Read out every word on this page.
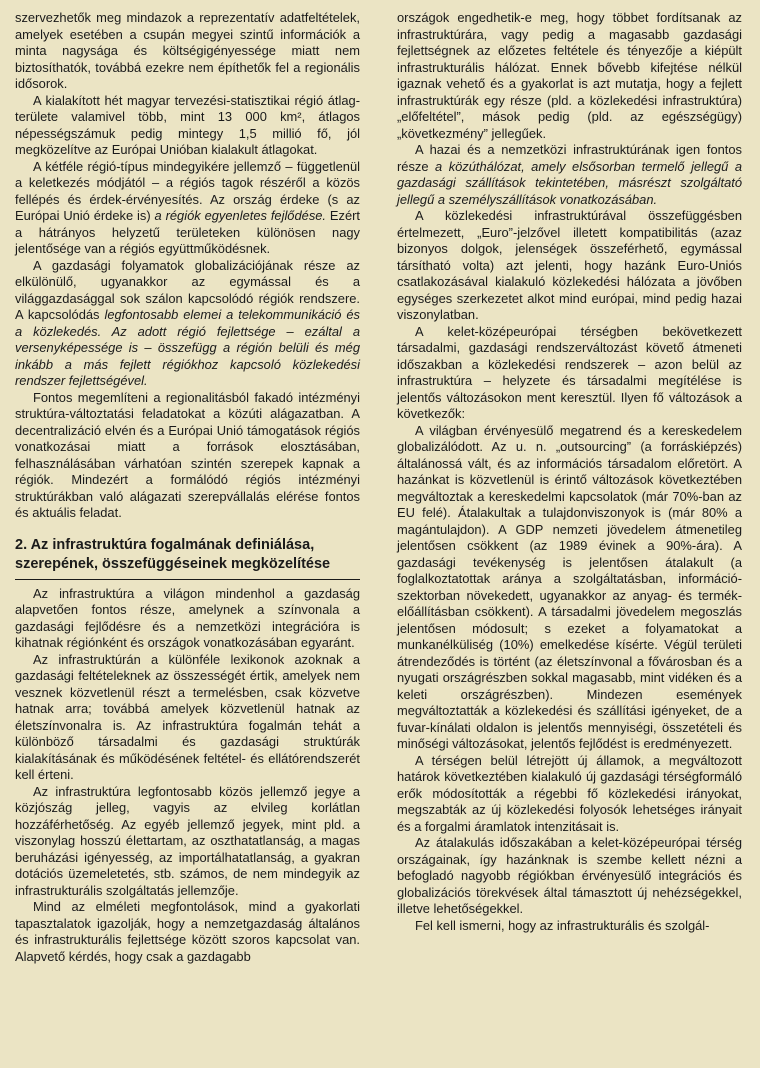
szervezhetők meg mindazok a reprezentatív adatfeltételek, amelyek esetében a csupán megyei szintű információk a minta nagysága és költségigényessége miatt nem biztosíthatók, továbbá ezekre nem építhetők fel a regionális idősorok.

A kialakított hét magyar tervezési-statisztikai régió átlag-területe valamivel több, mint 13 000 km², átlagos népességszámuk pedig mintegy 1,5 millió fő, jól megközelítve az Európai Unióban kialakult átlagokat.

A kétféle régió-típus mindegyikére jellemző – függetlenül a keletkezés módjától – a régiós tagok részéről a közös fellépés és érdek-érvényesítés. Az ország érdeke (s az Európai Unió érdeke is) a régiók egyenletes fejlődése. Ezért a hátrányos helyzetű területeken különösen nagy jelentősége van a régiós együttműködésnek.

A gazdasági folyamatok globalizációjának része az elkülönülő, ugyanakkor az egymással és a világgazdasággal sok szálon kapcsolódó régiók rendszere. A kapcsolódás legfontosabb elemei a telekommunikáció és a közlekedés. Az adott régió fejlettsége – ezáltal a versenyképessége is – összefügg a régión belüli és még inkább a más fejlett régiókhoz kapcsoló közlekedési rendszer fejlettségével.

Fontos megemlíteni a regionalitásból fakadó intézményi struktúra-változtatási feladatokat a közúti alágazatban. A decentralizáció elvén és a Európai Unió támogatások régiós vonatkozásai miatt a források elosztásában, felhasználásában várhatóan szintén szerepek kapnak a régiók. Mindezért a formálódó régiós intézményi struktúrákban való alágazati szerepvállalás elérése fontos és aktuális feladat.

2. Az infrastruktúra fogalmának definiálása, szerepének, összefüggéseinek megközelítése

Az infrastruktúra a világon mindenhol a gazdaság alapvetően fontos része, amelynek a színvonala a gazdasági fejlődésre és a nemzetközi integrációra is kihatnak régiónként és országok vonatkozásában egyaránt.

Az infrastruktúrán a különféle lexikonok azoknak a gazdasági feltételeknek az összességét értik, amelyek nem vesznek közvetlenül részt a termelésben, csak közvetve hatnak arra; továbbá amelyek közvetlenül hatnak az életszínvonalra is. Az infrastruktúra fogalmán tehát a különböző társadalmi és gazdasági struktúrák kialakításának és működésének feltétel- és ellátórendszerét kell érteni.

Az infrastruktúra legfontosabb közös jellemző jegye a közjószág jelleg, vagyis az elvileg korlátlan hozzáférhetőség. Az egyéb jellemző jegyek, mint pld. a viszonylag hosszú élettartam, az oszthatatlanság, a magas beruházási igényesség, az importálhatatlanság, a gyakran dotációs üzemeletetés, stb. számos, de nem mindegyik az infrastrukturális szolgáltatás jellemzője.

Mind az elméleti megfontolások, mind a gyakorlati tapasztalatok igazolják, hogy a nemzetgazdaság általános és infrastrukturális fejlettsége között szoros kapcsolat van. Alapvető kérdés, hogy csak a gazdagabb

országok engedhetik-e meg, hogy többet fordítsanak az infrastruktúrára, vagy pedig a magasabb gazdasági fejlettségnek az előzetes feltétele és tényezője a kiépült infrastrukturális hálózat. Ennek bővebb kifejtése nélkül igaznak vehető és a gyakorlat is azt mutatja, hogy a fejlett infrastruktúrák egy része (pld. a közlekedési infrastruktúra) „előfeltétel”, mások pedig (pld. az egészségügy) „következmény” jellegűek.

A hazai és a nemzetközi infrastruktúrának igen fontos része a közúthálózat, amely elsősorban termelő jellegű a gazdasági szállítások tekintetében, másrészt szolgáltató jellegű a személyszállítások vonatkozásában.

A közlekedési infrastruktúrával összefüggésben értelmezett, „Euro”-jelzővel illetett kompatibilitás (azaz bizonyos dolgok, jelenségek összeférhető, egymással társítható volta) azt jelenti, hogy hazánk Euro-Uniós csatlakozásával kialakuló közlekedési hálózata a jövőben egységes szerkezetet alkot mind európai, mind pedig hazai viszonylatban.

A kelet-középeurópai térségben bekövetkezett társadalmi, gazdasági rendszerváltozást követő átmeneti időszakban a közlekedési rendszerek – azon belül az infrastruktúra – helyzete és társadalmi megítélése is jelentős változásokon ment keresztül. Ilyen fő változások a következők:

A világban érvényesülő megatrend és a kereskedelem globalizálódott. Az u. n. „outsourcing” (a forráskiépzés) általánossá vált, és az információs társadalom előretört. A hazánkat is közvetlenül is érintő változások következtében megváltoztak a kereskedelmi kapcsolatok (már 70%-ban az EU felé). Átalakultak a tulajdonviszonyok is (már 80% a magántulajdon). A GDP nemzeti jövedelem átmenetileg jelentősen csökkent (az 1989 évinek a 90%-ára). A gazdasági tevékenység is jelentősen átalakult (a foglalkoztatottak aránya a szolgáltatásban, információ-szektorban növekedett, ugyanakkor az anyag- és termék-előállításban csökkent). A társadalmi jövedelem megoszlás jelentősen módosult; s ezeket a folyamatokat a munkanélküliség (10%) emelkedése kísérte. Végül területi átrendeződés is történt (az életszínvonal a fővárosban és a nyugati országrészben sokkal magasabb, mint vidéken és a keleti országrészben). Mindezen események megváltoztatták a közlekedési és szállítási igényeket, de a fuvar-kínálati oldalon is jelentős mennyiségi, összetételi és minőségi változásokat, jelentős fejlődést is eredményezett.

A térségen belül létrejött új államok, a megváltozott határok következtében kialakuló új gazdasági térségformáló erők módosították a régebbi fő közlekedési irányokat, megszabták az új közlekedési folyosók lehetséges irányait és a forgalmi áramlatok intenzitásait is.

Az átalakulás időszakában a kelet-középeurópai térség országainak, így hazánknak is szembe kellett nézni a befogladó nagyobb régiókban érvényesülő integrációs és globalizációs törekvések által támasztott új nehézségekkel, illetve lehetőségekkel.

Fel kell ismerni, hogy az infrastrukturális és szolgál-
